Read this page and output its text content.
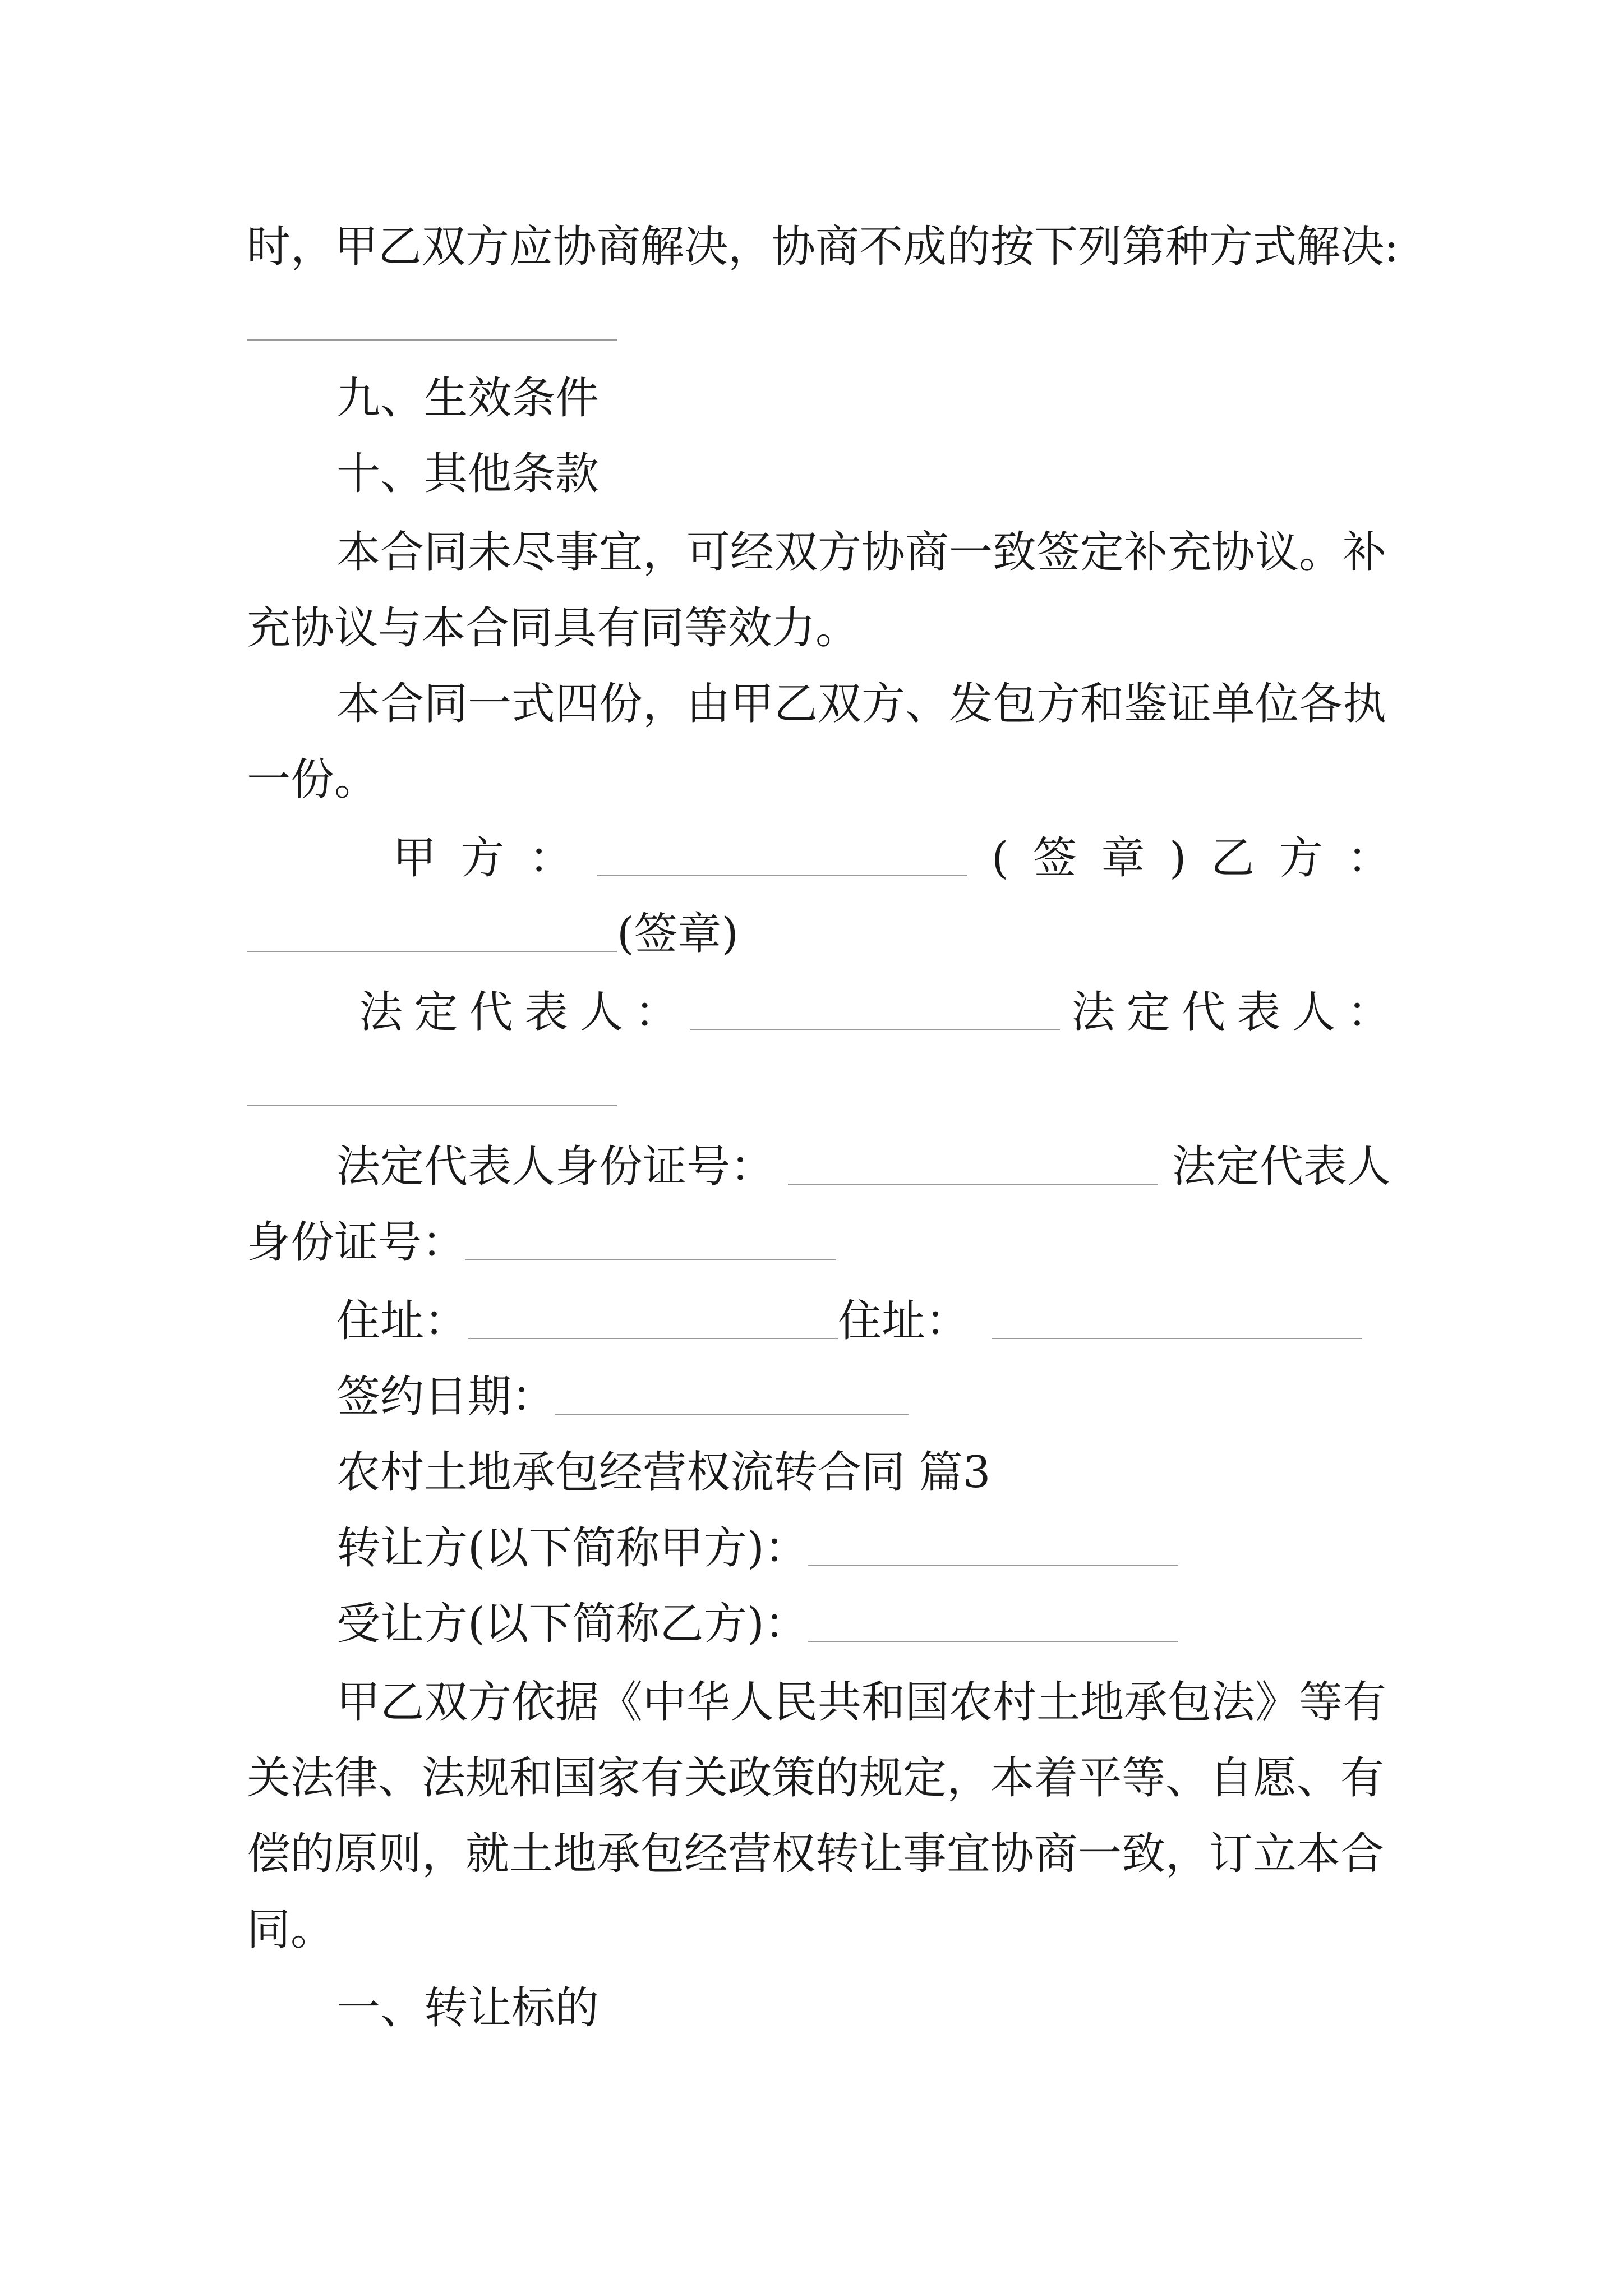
时，甲乙双方应协商解决，协商不成的按下列第种方式解决:
九、生效条件
十、其他条款
本合同未尽事宜，可经双方协商一致签定补充协议。补
充协议与本合同具有同等效力。
本合同一式四份，由甲乙双方、发包方和鉴证单位各执
一份。
甲 方 ：	( 签 章 ) 乙 方 ：
(签章)
法 定 代 表 人 ：	法 定 代 表 人 ：
法定代表人身份证号：	法定代表人
身份证号：
住址：	住址：
签约日期：
农村土地承包经营权流转合同 篇3
转让方(以下简称甲方)：
受让方(以下简称乙方)：
甲乙双方依据《中华人民共和国农村土地承包法》等有
关法律、法规和国家有关政策的规定，本着平等、自愿、有
偿的原则，就土地承包经营权转让事宜协商一致，订立本合
同。
一、转让标的
